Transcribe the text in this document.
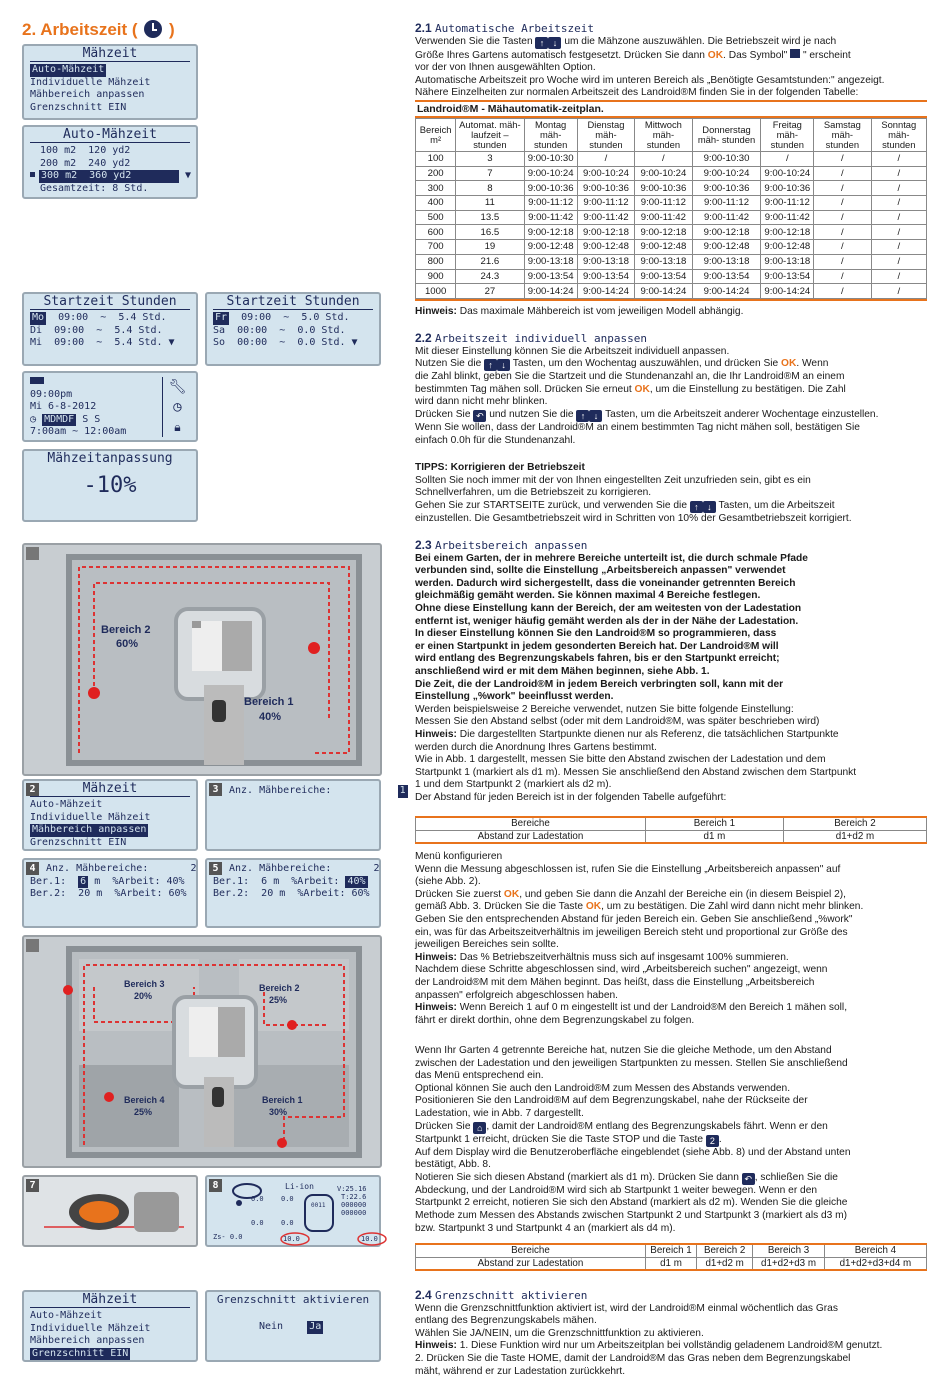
2. Arbeitszeit ( )
Mähzeit
Auto-Mähzeit
Individuelle Mähzeit
Mähbereich anpassen
Grenzschnitt EIN
Auto-Mähzeit
100 m2  120 yd2
200 m2  240 yd2
300 m2  360 yd2	▼
Gesamtzeit: 8 Std.
Startzeit Stunden
Mo 09:00 ~ 5.4 Std.
Di 09:00 ~ 5.4 Std.
Mi 09:00 ~ 5.4 Std. ▼
Startzeit Stunden
Fr 09:00 ~ 5.0 Std.
Sa 00:00 ~ 0.0 Std.
So 00:00 ~ 0.0 Std. ▼
09:00pm
Mi 6-8-2012
◷ MDMDF S S
7:00am ~ 12:00am
🔧︎
◷
🔒︎
Mähzeitanpassung
-10%
Bereich 2
60%
Bereich 1
40%
2	Mähzeit
Auto-Mähzeit
Individuelle Mähzeit
Mähbereich anpassen
Grenzschnitt EIN
3	Anz. Mähbereiche:	1
4	Anz. Mähbereiche:	2
Ber.1: 6 m %Arbeit: 40%
Ber.2: 20 m %Arbeit: 60%
5	Anz. Mähbereiche:	2
Ber.1: 6 m %Arbeit: 40%
Ber.2: 20 m %Arbeit: 60%
Bereich 3
20%
Bereich 2
25%
Bereich 4
25%
Bereich 1
30%
7	8	Li-ion	V:25.16
T:22.6
000000
000000
0.0 0.0
0.0 0.0
0011
Zs- 0.0	10.0	10.0
Mähzeit
Auto-Mähzeit
Individuelle Mähzeit
Mähbereich anpassen
Grenzschnitt EIN
Grenzschnitt aktivieren
Nein	Ja
2.1 Automatische Arbeitszeit
Verwenden Sie die Tasten ↑ ↓ um die Mähzone auszuwählen. Die Betriebszeit wird je nach
Größe Ihres Gartens automatisch festgesetzt. Drücken Sie dann OK. Das Symbol" " erscheint
vor der von Ihnen ausgewählten Option.
Automatische Arbeitszeit pro Woche wird im unteren Bereich als „Benötigte Gesamtstunden:" angezeigt.
Nähere Einzelheiten zur normalen Arbeitszeit des Landroid®M finden Sie in der folgenden Tabelle:
Landroid®M - Mähautomatik-zeitplan.
Bereich m²	Automat. mäh- laufzeit – stunden	Montag mäh- stunden	Dienstag mäh- stunden	Mittwoch mäh- stunden	Donnerstag mäh- stunden	Freitag mäh- stunden	Samstag mäh- stunden	Sonntag mäh- stunden
100	3	9:00-10:30	/	/	9:00-10:30	/	/	/
200	7	9:00-10:24	9:00-10:24	9:00-10:24	9:00-10:24	9:00-10:24	/	/
300	8	9:00-10:36	9:00-10:36	9:00-10:36	9:00-10:36	9:00-10:36	/	/
400	11	9:00-11:12	9:00-11:12	9:00-11:12	9:00-11:12	9:00-11:12	/	/
500	13.5	9:00-11:42	9:00-11:42	9:00-11:42	9:00-11:42	9:00-11:42	/	/
600	16.5	9:00-12:18	9:00-12:18	9:00-12:18	9:00-12:18	9:00-12:18	/	/
700	19	9:00-12:48	9:00-12:48	9:00-12:48	9:00-12:48	9:00-12:48	/	/
800	21.6	9:00-13:18	9:00-13:18	9:00-13:18	9:00-13:18	9:00-13:18	/	/
900	24.3	9:00-13:54	9:00-13:54	9:00-13:54	9:00-13:54	9:00-13:54	/	/
1000	27	9:00-14:24	9:00-14:24	9:00-14:24	9:00-14:24	9:00-14:24	/	/
Hinweis: Das maximale Mähbereich ist vom jeweiligen Modell abhängig.
2.2 Arbeitszeit individuell anpassen
Mit dieser Einstellung können Sie die Arbeitszeit individuell anpassen.
Nutzen Sie die ↑ ↓ Tasten, um den Wochentag auszuwählen, und drücken Sie OK. Wenn
die Zahl blinkt, geben Sie die Startzeit und die Stundenanzahl an, die Ihr Landroid®M an einem
bestimmten Tag mähen soll. Drücken Sie erneut OK, um die Einstellung zu bestätigen. Die Zahl
wird dann nicht mehr blinken.
Drücken Sie ↶ und nutzen Sie die ↑ ↓ Tasten, um die Arbeitszeit anderer Wochentage einzustellen.
Wenn Sie wollen, dass der Landroid®M an einem bestimmten Tag nicht mähen soll, bestätigen Sie
einfach 0.0h für die Stundenanzahl.
TIPPS: Korrigieren der Betriebszeit
Sollten Sie noch immer mit der von Ihnen eingestellten Zeit unzufrieden sein, gibt es ein
Schnellverfahren, um die Betriebszeit zu korrigieren.
Gehen Sie zur STARTSEITE zurück, und verwenden Sie die ↑ ↓ Tasten, um die Arbeitszeit
einzustellen. Die Gesamtbetriebszeit wird in Schritten von 10% der Gesamtbetriebszeit korrigiert.
2.3 Arbeitsbereich anpassen
Bei einem Garten, der in mehrere Bereiche unterteilt ist, die durch schmale Pfade
verbunden sind, sollte die Einstellung „Arbeitsbereich anpassen" verwendet
werden. Dadurch wird sichergestellt, dass die voneinander getrennten Bereich
gleichmäßig gemäht werden. Sie können maximal 4 Bereiche festlegen.
Ohne diese Einstellung kann der Bereich, der am weitesten von der Ladestation
entfernt ist, weniger häufig gemäht werden als der in der Nähe der Ladestation.
In dieser Einstellung können Sie den Landroid®M so programmieren, dass
er einen Startpunkt in jedem gesonderten Bereich hat. Der Landroid®M will
wird entlang des Begrenzungskabels fahren, bis er den Startpunkt erreicht;
anschließend wird er mit dem Mähen beginnen, siehe Abb. 1.
Die Zeit, die der Landroid®M in jedem Bereich verbringten soll, kann mit der
Einstellung „%work" beeinflusst werden.
Werden beispielsweise 2 Bereiche verwendet, nutzen Sie bitte folgende Einstellung:
Messen Sie den Abstand selbst (oder mit dem Landroid®M, was später beschrieben wird)
Hinweis: Die dargestellten Startpunkte dienen nur als Referenz, die tatsächlichen Startpunkte
werden durch die Anordnung Ihres Gartens bestimmt.
Wie in Abb. 1 dargestellt, messen Sie bitte den Abstand zwischen der Ladestation und dem
Startpunkt 1 (markiert als d1 m). Messen Sie anschließend den Abstand zwischen dem Startpunkt
1 und dem Startpunkt 2 (markiert als d2 m).
Der Abstand für jeden Bereich ist in der folgenden Tabelle aufgeführt:
Bereiche	Bereich 1	Bereich 2
Abstand zur Ladestation	d1 m	d1+d2 m
Menü konfigurieren
Wenn die Messung abgeschlossen ist, rufen Sie die Einstellung „Arbeitsbereich anpassen" auf
(siehe Abb. 2).
Drücken Sie zuerst OK, und geben Sie dann die Anzahl der Bereiche ein (in diesem Beispiel 2),
gemäß Abb. 3. Drücken Sie die Taste OK, um zu bestätigen. Die Zahl wird dann nicht mehr blinken.
Geben Sie den entsprechenden Abstand für jeden Bereich ein. Geben Sie anschließend „%work"
ein, was für das Arbeitszeitverhältnis im jeweiligen Bereich steht und proportional zur Größe des
jeweiligen Bereiches sein sollte.
Hinweis: Das % Betriebszeitverhältnis muss sich auf insgesamt 100% summieren.
Nachdem diese Schritte abgeschlossen sind, wird „Arbeitsbereich suchen" angezeigt, wenn
der Landroid®M mit dem Mähen beginnt. Das heißt, dass die Einstellung „Arbeitsbereich
anpassen" erfolgreich abgeschlossen haben.
Hinweis: Wenn Bereich 1 auf 0 m eingestellt ist und der Landroid®M den Bereich 1 mähen soll,
fährt er direkt dorthin, ohne dem Begrenzungskabel zu folgen.
Wenn Ihr Garten 4 getrennte Bereiche hat, nutzen Sie die gleiche Methode, um den Abstand
zwischen der Ladestation und den jeweiligen Startpunkten zu messen. Stellen Sie anschließend
das Menü entsprechend ein.
Optional können Sie auch den Landroid®M zum Messen des Abstands verwenden.
Positionieren Sie den Landroid®M auf dem Begrenzungskabel, nahe der Rückseite der
Ladestation, wie in Abb. 7 dargestellt.
Drücken Sie ⌂ , damit der Landroid®M entlang des Begrenzungskabels fährt. Wenn er den
Startpunkt 1 erreicht, drücken Sie die Taste STOP und die Taste 2 .
Auf dem Display wird die Benutzeroberfläche eingeblendet (siehe Abb. 8) und der Abstand unten
bestätigt, Abb. 8.
Notieren Sie sich diesen Abstand (markiert als d1 m). Drücken Sie dann ↶ , schließen Sie die
Abdeckung, und der Landroid®M wird sich ab Startpunkt 1 weiter bewegen. Wenn er den
Startpunkt 2 erreicht, notieren Sie sich den Abstand (markiert als d2 m). Wenden Sie die gleiche
Methode zum Messen des Abstands zwischen Startpunkt 2 und Startpunkt 3 (markiert als d3 m)
bzw. Startpunkt 3 und Startpunkt 4 an (markiert als d4 m).
Bereiche	Bereich 1	Bereich 2	Bereich 3	Bereich 4
Abstand zur Ladestation	d1 m	d1+d2 m	d1+d2+d3 m	d1+d2+d3+d4 m
2.4 Grenzschnitt aktivieren
Wenn die Grenzschnittfunktion aktiviert ist, wird der Landroid®M einmal wöchentlich das Gras
entlang des Begrenzungskabels mähen.
Wählen Sie JA/NEIN, um die Grenzschnittfunktion zu aktivieren.
Hinweis: 1. Diese Funktion wird nur um Arbeitszeitplan bei vollständig geladenem Landroid®M genutzt.
2. Drücken Sie die Taste HOME, damit der Landroid®M das Gras neben dem Begrenzungskabel
mäht, während er zur Ladestation zurückkehrt.
